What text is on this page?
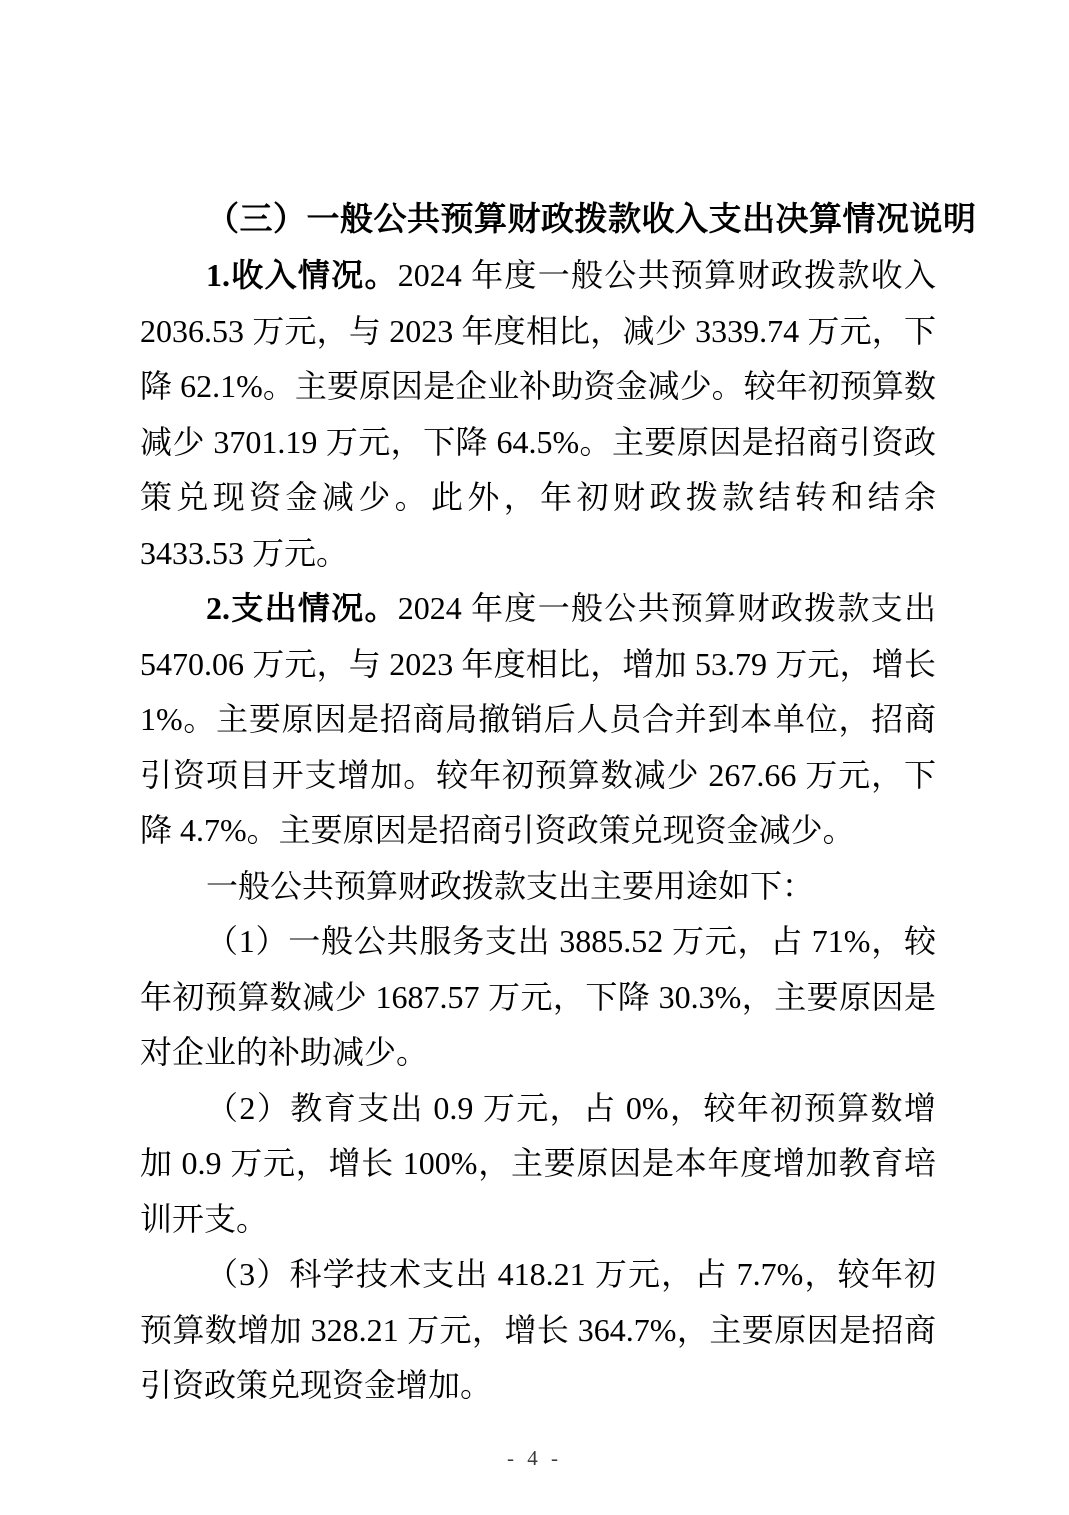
（三）一般公共预算财政拨款收入支出决算情况说明

1.收入情况。2024 年度一般公共预算财政拨款收入 2036.53 万元，与 2023 年度相比，减少 3339.74 万元，下降 62.1%。主要原因是企业补助资金减少。较年初预算数减少 3701.19 万元，下降 64.5%。主要原因是招商引资政策兑现资金减少。此外，年初财政拨款结转和结余 3433.53 万元。

2.支出情况。2024 年度一般公共预算财政拨款支出 5470.06 万元，与 2023 年度相比，增加 53.79 万元，增长 1%。主要原因是招商局撤销后人员合并到本单位，招商引资项目开支增加。较年初预算数减少 267.66 万元，下降 4.7%。主要原因是招商引资政策兑现资金减少。

一般公共预算财政拨款支出主要用途如下：

（1）一般公共服务支出 3885.52 万元，占 71%，较年初预算数减少 1687.57 万元，下降 30.3%，主要原因是对企业的补助减少。

（2）教育支出 0.9 万元，占 0%，较年初预算数增加 0.9 万元，增长 100%，主要原因是本年度增加教育培训开支。

（3）科学技术支出 418.21 万元，占 7.7%，较年初预算数增加 328.21 万元，增长 364.7%，主要原因是招商引资政策兑现资金增加。

- 4 -
